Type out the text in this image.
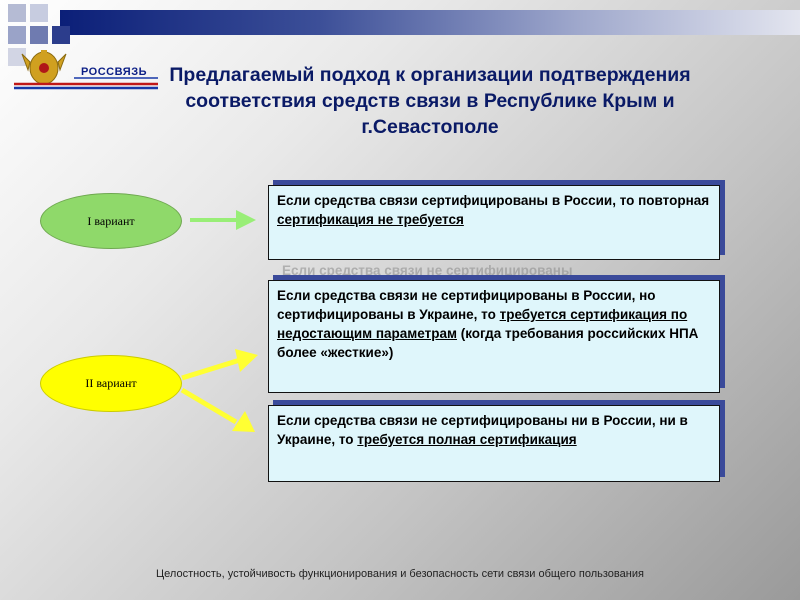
РОССВЯЗЬ	Предлагаемый подход к организации подтверждения соответствия средств связи в Республике Крым и г.Севастополе
I вариант
II вариант
Если средства связи не сертифицированы
Если средства связи сертифицированы в России, то повторная сертификация не требуется
Если средства связи не сертифицированы в России, но сертифицированы в Украине, то требуется сертификация по недостающим параметрам (когда требования российских НПА более «жесткие»)
Если средства связи не сертифицированы ни в России, ни в Украине, то требуется полная сертификация
Целостность, устойчивость функционирования и безопасность сети связи общего пользования
